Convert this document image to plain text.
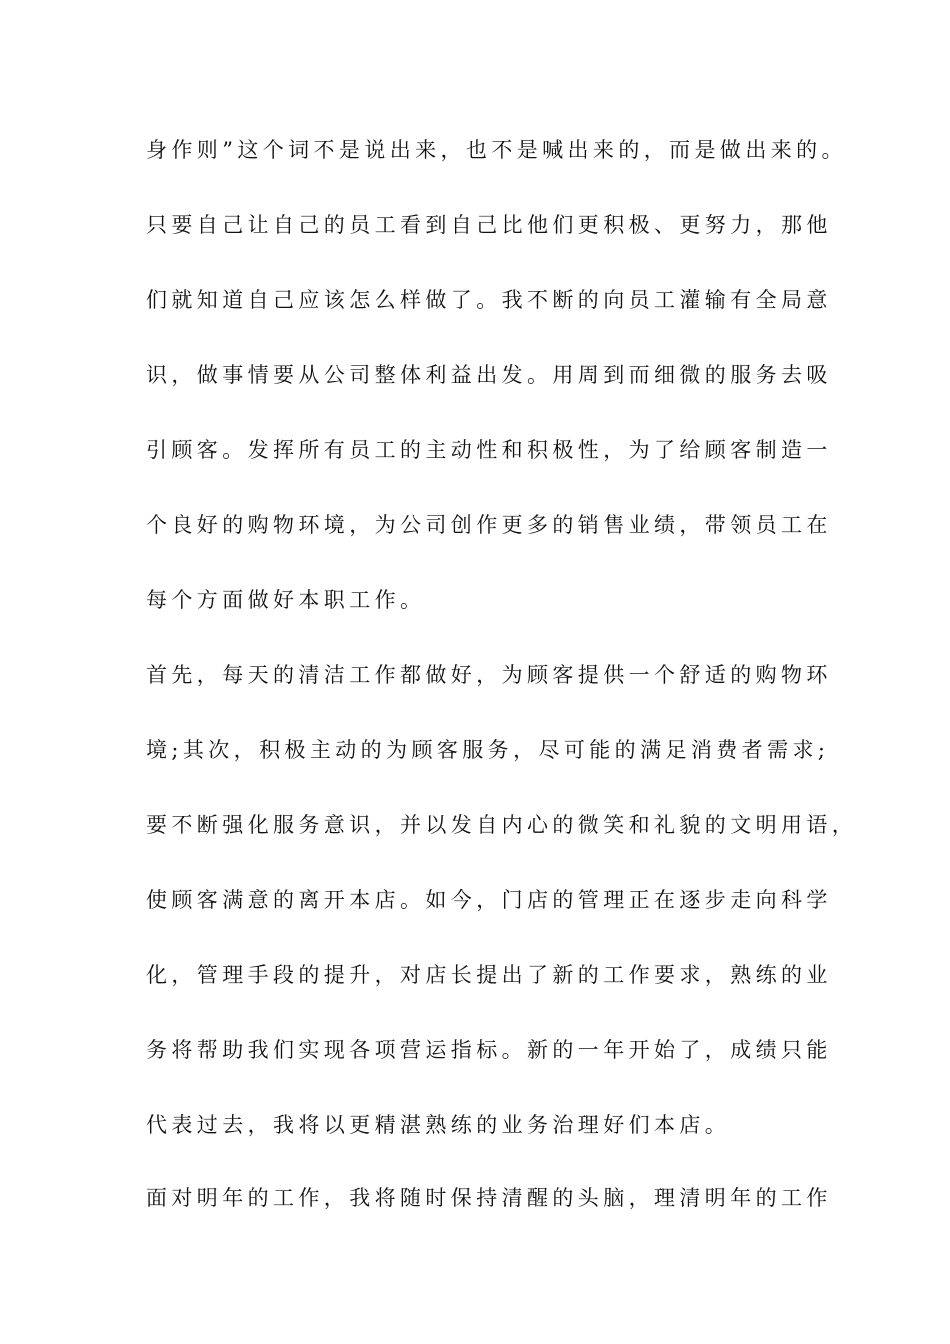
身作则”这个词不是说出来，也不是喊出来的，而是做出来的。
只要自己让自己的员工看到自己比他们更积极、更努力，那他
们就知道自己应该怎么样做了。我不断的向员工灌输有全局意
识，做事情要从公司整体利益出发。用周到而细微的服务去吸
引顾客。发挥所有员工的主动性和积极性，为了给顾客制造一
个良好的购物环境，为公司创作更多的销售业绩，带领员工在
每个方面做好本职工作。
首先，每天的清洁工作都做好，为顾客提供一个舒适的购物环
境;其次，积极主动的为顾客服务，尽可能的满足消费者需求;
要不断强化服务意识，并以发自内心的微笑和礼貌的文明用语，
使顾客满意的离开本店。如今，门店的管理正在逐步走向科学
化，管理手段的提升，对店长提出了新的工作要求，熟练的业
务将帮助我们实现各项营运指标。新的一年开始了，成绩只能
代表过去，我将以更精湛熟练的业务治理好们本店。
面对明年的工作，我将随时保持清醒的头脑，理清明年的工作
